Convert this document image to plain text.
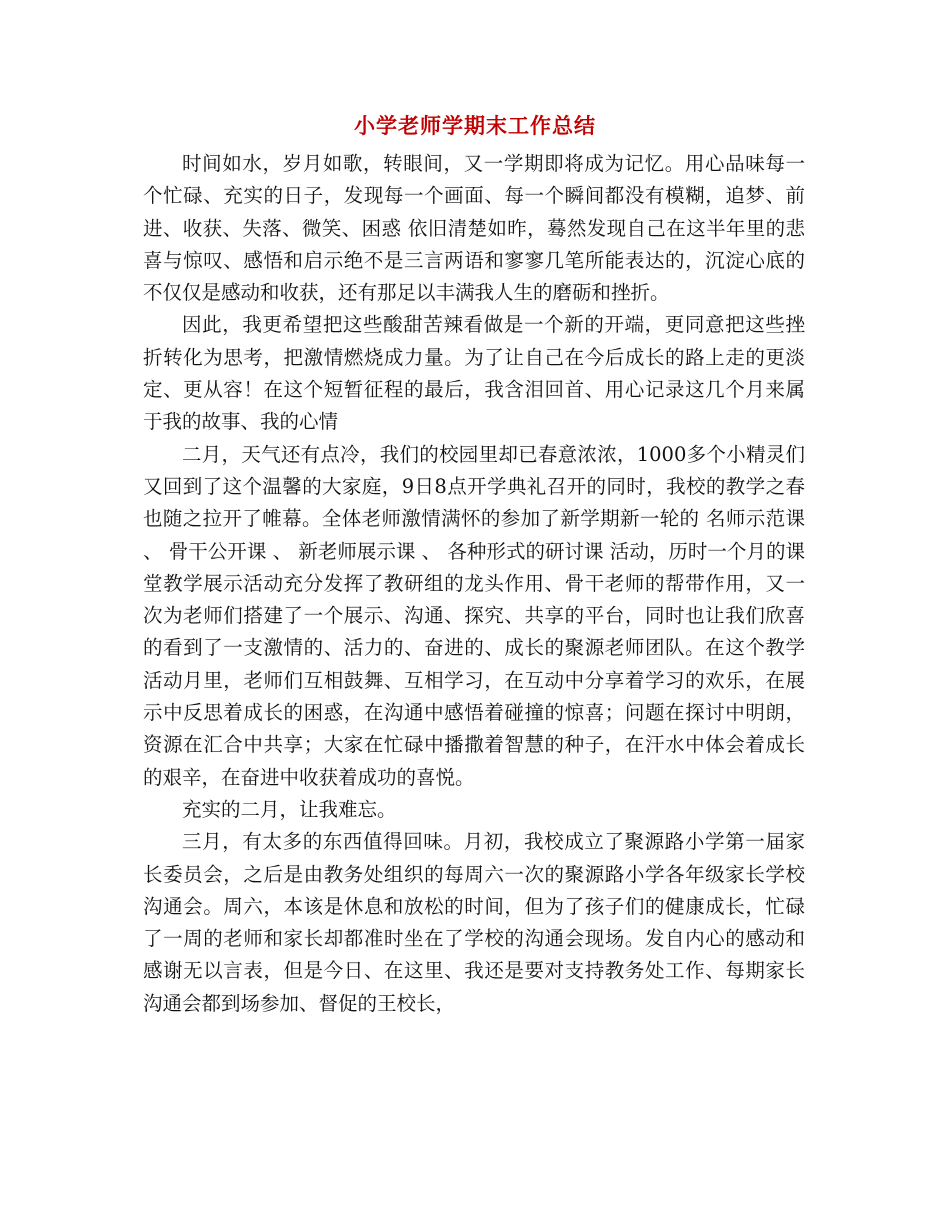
小学老师学期末工作总结

时间如水，岁月如歌，转眼间，又一学期即将成为记忆。用心品味每一个忙碌、充实的日子，发现每一个画面、每一个瞬间都没有模糊，追梦、前进、收获、失落、微笑、困惑 依旧清楚如昨，蓦然发现自己在这半年里的悲喜与惊叹、感悟和启示绝不是三言两语和寥寥几笔所能表达的，沉淀心底的不仅仅是感动和收获，还有那足以丰满我人生的磨砺和挫折。

因此，我更希望把这些酸甜苦辣看做是一个新的开端，更同意把这些挫折转化为思考，把激情燃烧成力量。为了让自己在今后成长的路上走的更淡定、更从容！在这个短暂征程的最后，我含泪回首、用心记录这几个月来属于我的故事、我的心情

二月，天气还有点冷，我们的校园里却已春意浓浓，1000多个小精灵们又回到了这个温馨的大家庭，9日8点开学典礼召开的同时，我校的教学之春也随之拉开了帷幕。全体老师激情满怀的参加了新学期新一轮的 名师示范课 、 骨干公开课 、 新老师展示课 、 各种形式的研讨课 活动，历时一个月的课堂教学展示活动充分发挥了教研组的龙头作用、骨干老师的帮带作用，又一次为老师们搭建了一个展示、沟通、探究、共享的平台，同时也让我们欣喜的看到了一支激情的、活力的、奋进的、成长的聚源老师团队。在这个教学活动月里，老师们互相鼓舞、互相学习，在互动中分享着学习的欢乐，在展示中反思着成长的困惑，在沟通中感悟着碰撞的惊喜；问题在探讨中明朗，资源在汇合中共享；大家在忙碌中播撒着智慧的种子，在汗水中体会着成长的艰辛，在奋进中收获着成功的喜悦。

充实的二月，让我难忘。

三月，有太多的东西值得回味。月初，我校成立了聚源路小学第一届家长委员会，之后是由教务处组织的每周六一次的聚源路小学各年级家长学校沟通会。周六，本该是休息和放松的时间，但为了孩子们的健康成长，忙碌了一周的老师和家长却都准时坐在了学校的沟通会现场。发自内心的感动和感谢无以言表，但是今日、在这里、我还是要对支持教务处工作、每期家长沟通会都到场参加、督促的王校长，
